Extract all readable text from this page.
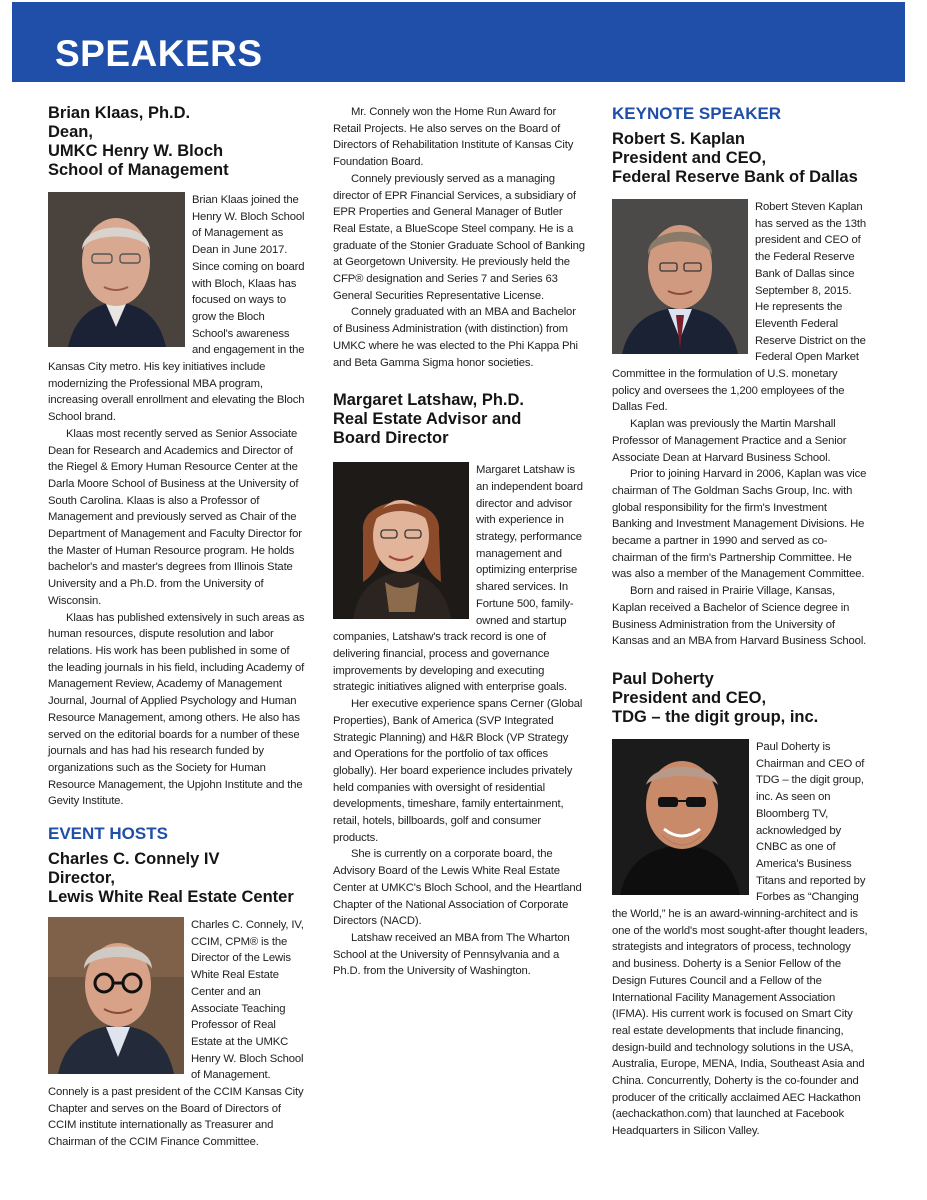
SPEAKERS
Brian Klaas, Ph.D.
Dean,
UMKC Henry W. Bloch
School of Management

Brian Klaas joined the Henry W. Bloch School of Management as Dean in June 2017. Since coming on board with Bloch, Klaas has focused on ways to grow the Bloch School's awareness and engagement in the Kansas City metro. His key initiatives include modernizing the Professional MBA program, increasing overall enrollment and elevating the Bloch School brand.

Klaas most recently served as Senior Associate Dean for Research and Academics and Director of the Riegel & Emory Human Resource Center at the Darla Moore School of Business at the University of South Carolina. Klaas is also a Professor of Management and previously served as Chair of the Department of Management and Faculty Director for the Master of Human Resource program. He holds bachelor's and master's degrees from Illinois State University and a Ph.D. from the University of Wisconsin.

Klaas has published extensively in such areas as human resources, dispute resolution and labor relations. His work has been published in some of the leading journals in his field, including Academy of Management Review, Academy of Management Journal, Journal of Applied Psychology and Human Resource Management, among others. He also has served on the editorial boards for a number of these journals and has had his research funded by organizations such as the Society for Human Resource Management, the Upjohn Institute and the Gevity Institute.

EVENT HOSTS
Charles C. Connely IV
Director,
Lewis White Real Estate Center

Charles C. Connely, IV, CCIM, CPM® is the Director of the Lewis White Real Estate Center and an Associate Teaching Professor of Real Estate at the UMKC Henry W. Bloch School of Management. Connely is a past president of the CCIM Kansas City Chapter and serves on the Board of Directors of CCIM institute internationally as Treasurer and Chairman of the CCIM Finance Committee.

Mr. Connely won the Home Run Award for Retail Projects. He also serves on the Board of Directors of Rehabilitation Institute of Kansas City Foundation Board.

Connely previously served as a managing director of EPR Financial Services, a subsidiary of EPR Properties and General Manager of Butler Real Estate, a BlueScope Steel company. He is a graduate of the Stonier Graduate School of Banking at Georgetown University. He previously held the CFP® designation and Series 7 and Series 63 General Securities Representative License.

Connely graduated with an MBA and Bachelor of Business Administration (with distinction) from UMKC where he was elected to the Phi Kappa Phi and Beta Gamma Sigma honor societies.

Margaret Latshaw, Ph.D.
Real Estate Advisor and
Board Director

Margaret Latshaw is an independent board director and advisor with experience in strategy, performance management and optimizing enterprise shared services. In Fortune 500, family-owned and startup companies, Latshaw's track record is one of delivering financial, process and governance improvements by developing and executing strategic initiatives aligned with enterprise goals.

Her executive experience spans Cerner (Global Properties), Bank of America (SVP Integrated Strategic Planning) and H&R Block (VP Strategy and Operations for the portfolio of tax offices globally). Her board experience includes privately held companies with oversight of residential developments, timeshare, family entertainment, retail, hotels, billboards, golf and consumer products.

She is currently on a corporate board, the Advisory Board of the Lewis White Real Estate Center at UMKC's Bloch School, and the Heartland Chapter of the National Association of Corporate Directors (NACD).

Latshaw received an MBA from The Wharton School at the University of Pennsylvania and a Ph.D. from the University of Washington.

KEYNOTE SPEAKER
Robert S. Kaplan
President and CEO,
Federal Reserve Bank of Dallas

Robert Steven Kaplan has served as the 13th president and CEO of the Federal Reserve Bank of Dallas since September 8, 2015. He represents the Eleventh Federal Reserve District on the Federal Open Market Committee in the formulation of U.S. monetary policy and oversees the 1,200 employees of the Dallas Fed.

Kaplan was previously the Martin Marshall Professor of Management Practice and a Senior Associate Dean at Harvard Business School.

Prior to joining Harvard in 2006, Kaplan was vice chairman of The Goldman Sachs Group, Inc. with global responsibility for the firm's Investment Banking and Investment Management Divisions. He became a partner in 1990 and served as co-chairman of the firm's Partnership Committee. He was also a member of the Management Committee.

Born and raised in Prairie Village, Kansas, Kaplan received a Bachelor of Science degree in Business Administration from the University of Kansas and an MBA from Harvard Business School.

Paul Doherty
President and CEO,
TDG – the digit group, inc.

Paul Doherty is Chairman and CEO of TDG – the digit group, inc. As seen on Bloomberg TV, acknowledged by CNBC as one of America's Business Titans and reported by Forbes as “Changing the World,” he is an award-winning-architect and is one of the world's most sought-after thought leaders, strategists and integrators of process, technology and business. Doherty is a Senior Fellow of the Design Futures Council and a Fellow of the International Facility Management Association (IFMA). His current work is focused on Smart City real estate developments that include financing, design-build and technology solutions in the USA, Australia, Europe, MENA, India, Southeast Asia and China. Concurrently, Doherty is the co-founder and producer of the critically acclaimed AEC Hackathon (aechackathon.com) that launched at Facebook Headquarters in Silicon Valley.
